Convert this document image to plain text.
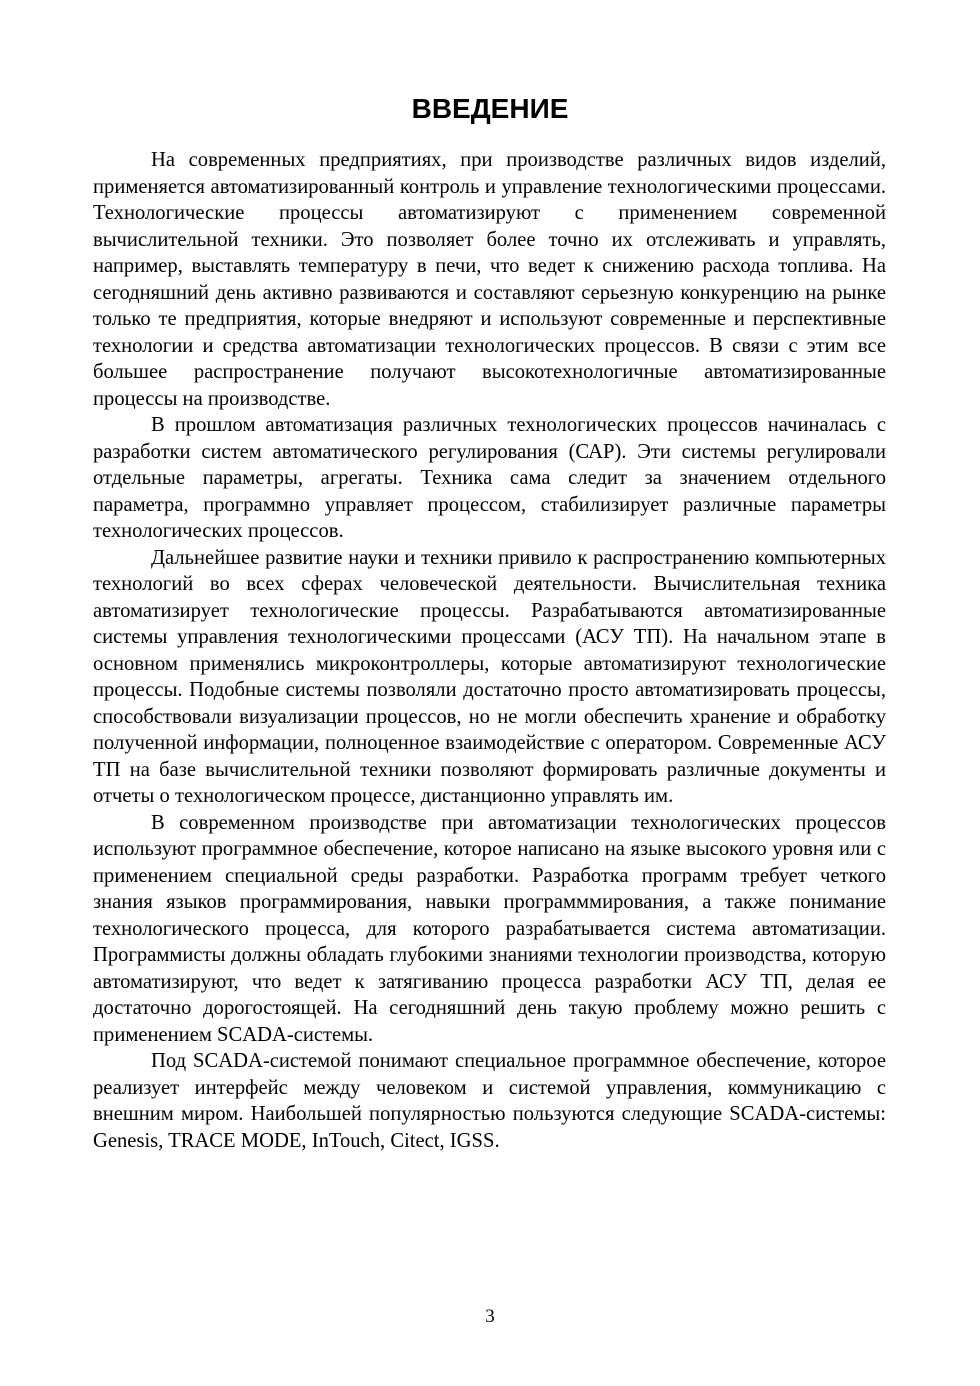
ВВЕДЕНИЕ

На современных предприятиях, при производстве различных видов изделий, применяется автоматизированный контроль и управление технологическими процессами. Технологические процессы автоматизируют с применением современной вычислительной техники. Это позволяет более точно их отслеживать и управлять, например, выставлять температуру в печи, что ведет к снижению расхода топлива. На сегодняшний день активно развиваются и составляют серьезную конкуренцию на рынке только те предприятия, которые внедряют и используют современные и перспективные технологии и средства автоматизации технологических процессов. В связи с этим все большее распространение получают высокотехнологичные автоматизированные процессы на производстве.

В прошлом автоматизация различных технологических процессов начиналась с разработки систем автоматического регулирования (САР). Эти системы регулировали отдельные параметры, агрегаты. Техника сама следит за значением отдельного параметра, программно управляет процессом, стабилизирует различные параметры технологических процессов.

Дальнейшее развитие науки и техники привило к распространению компьютерных технологий во всех сферах человеческой деятельности. Вычислительная техника автоматизирует технологические процессы. Разрабатываются автоматизированные системы управления технологическими процессами (АСУ ТП). На начальном этапе в основном применялись микроконтроллеры, которые автоматизируют технологические процессы. Подобные системы позволяли достаточно просто автоматизировать процессы, способствовали визуализации процессов, но не могли обеспечить хранение и обработку полученной информации, полноценное взаимодействие с оператором. Современные АСУ ТП на базе вычислительной техники позволяют формировать различные документы и отчеты о технологическом процессе, дистанционно управлять им.

В современном производстве при автоматизации технологических процессов используют программное обеспечение, которое написано на языке высокого уровня или с применением специальной среды разработки. Разработка программ требует четкого знания языков программирования, навыки программмирования, а также понимание технологического процесса, для которого разрабатывается система автоматизации. Программисты должны обладать глубокими знаниями технологии производства, которую автоматизируют, что ведет к затягиванию процесса разработки АСУ ТП, делая ее достаточно дорогостоящей. На сегодняшний день такую проблему можно решить с применением SCADA-системы.

Под SCADA-системой понимают специальное программное обеспечение, которое реализует интерфейс между человеком и системой управления, коммуникацию с внешним миром. Наибольшей популярностью пользуются следующие SCADA-системы: Genesis, TRACE MODE, InTouch, Citect, IGSS.

3
